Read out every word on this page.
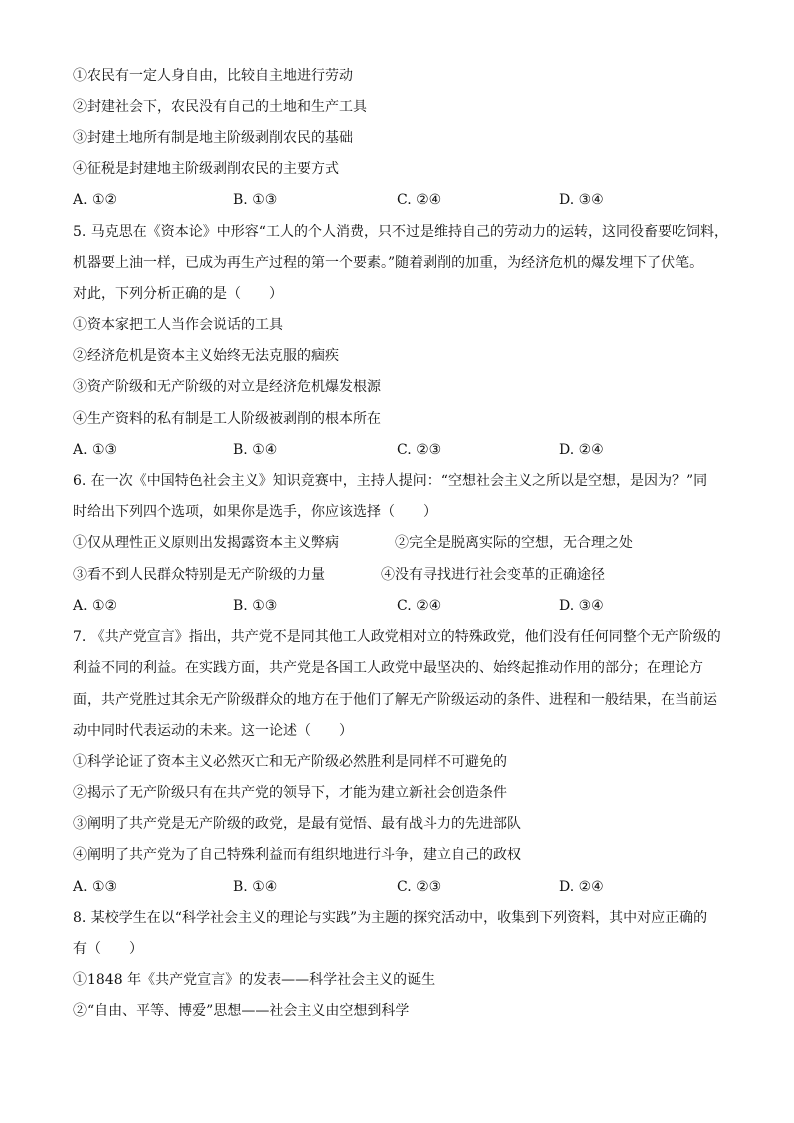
①农民有一定人身自由，比较自主地进行劳动
②封建社会下，农民没有自己的土地和生产工具
③封建土地所有制是地主阶级剥削农民的基础
④征税是封建地主阶级剥削农民的主要方式
A. ①②	B. ①③	C. ②④	D. ③④
5. 马克思在《资本论》中形容“工人的个人消费，只不过是维持自己的劳动力的运转，这同役畜要吃饲料，
机器要上油一样，已成为再生产过程的第一个要素。”随着剥削的加重，为经济危机的爆发埋下了伏笔。
对此，下列分析正确的是（　　）
①资本家把工人当作会说话的工具
②经济危机是资本主义始终无法克服的痼疾
③资产阶级和无产阶级的对立是经济危机爆发根源
④生产资料的私有制是工人阶级被剥削的根本所在
A. ①③	B. ①④	C. ②③	D. ②④
6. 在一次《中国特色社会主义》知识竞赛中，主持人提问：“空想社会主义之所以是空想，是因为？”同
时给出下列四个选项，如果你是选手，你应该选择（　　）
①仅从理性正义原则出发揭露资本主义弊病	②完全是脱离实际的空想，无合理之处
③看不到人民群众特别是无产阶级的力量	④没有寻找进行社会变革的正确途径
A. ①②	B. ①③	C. ②④	D. ③④
7. 《共产党宣言》指出，共产党不是同其他工人政党相对立的特殊政党，他们没有任何同整个无产阶级的
利益不同的利益。在实践方面，共产党是各国工人政党中最坚决的、始终起推动作用的部分；在理论方
面，共产党胜过其余无产阶级群众的地方在于他们了解无产阶级运动的条件、进程和一般结果，在当前运
动中同时代表运动的未来。这一论述（　　）
①科学论证了资本主义必然灭亡和无产阶级必然胜利是同样不可避免的
②揭示了无产阶级只有在共产党的领导下，才能为建立新社会创造条件
③阐明了共产党是无产阶级的政党，是最有觉悟、最有战斗力的先进部队
④阐明了共产党为了自己特殊利益而有组织地进行斗争，建立自己的政权
A. ①③	B. ①④	C. ②③	D. ②④
8. 某校学生在以“科学社会主义的理论与实践”为主题的探究活动中，收集到下列资料，其中对应正确的
有（　　）
①1848 年《共产党宣言》的发表——科学社会主义的诞生
②“自由、平等、博爱”思想——社会主义由空想到科学
